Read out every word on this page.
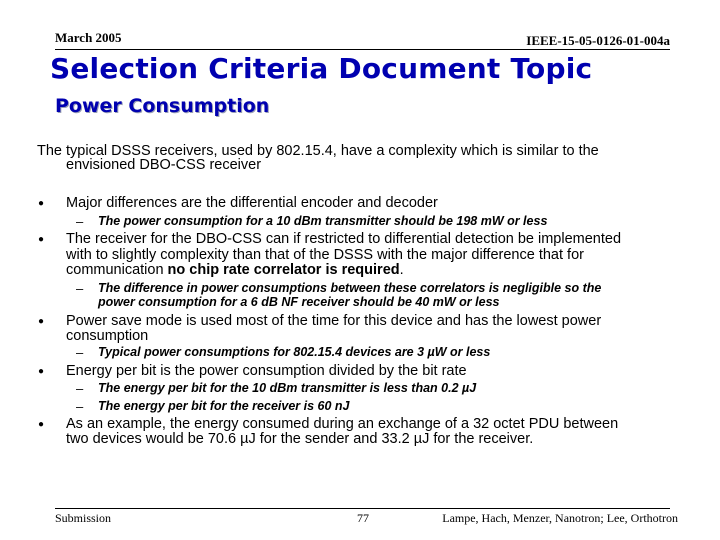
March 2005	IEEE-15-05-0126-01-004a
Selection Criteria Document Topic
Power Consumption
The typical DSSS receivers, used by 802.15.4, have a complexity which is similar to the
envisioned DBO-CSS receiver
● Major differences are the differential encoder and decoder
– The power consumption for a 10 dBm transmitter should be 198 mW or less
● The receiver for the DBO-CSS can if restricted to differential detection be implemented
with to slightly complexity than that of the DSSS with the major difference that for
communication no chip rate correlator is required.
– The difference in power consumptions between these correlators is negligible so the
power consumption for a 6 dB NF receiver should be 40 mW or less
● Power save mode is used most of the time for this device and has the lowest power
consumption
– Typical power consumptions for 802.15.4 devices are 3 µW or less
● Energy per bit is the power consumption divided by the bit rate
– The energy per bit for the 10 dBm transmitter is less than 0.2 µJ
– The energy per bit for the receiver is 60 nJ
● As an example, the energy consumed during an exchange of a 32 octet PDU between
two devices would be 70.6 µJ for the sender and 33.2 µJ for the receiver.
Submission	77	Lampe, Hach, Menzer, Nanotron; Lee, Orthotron
